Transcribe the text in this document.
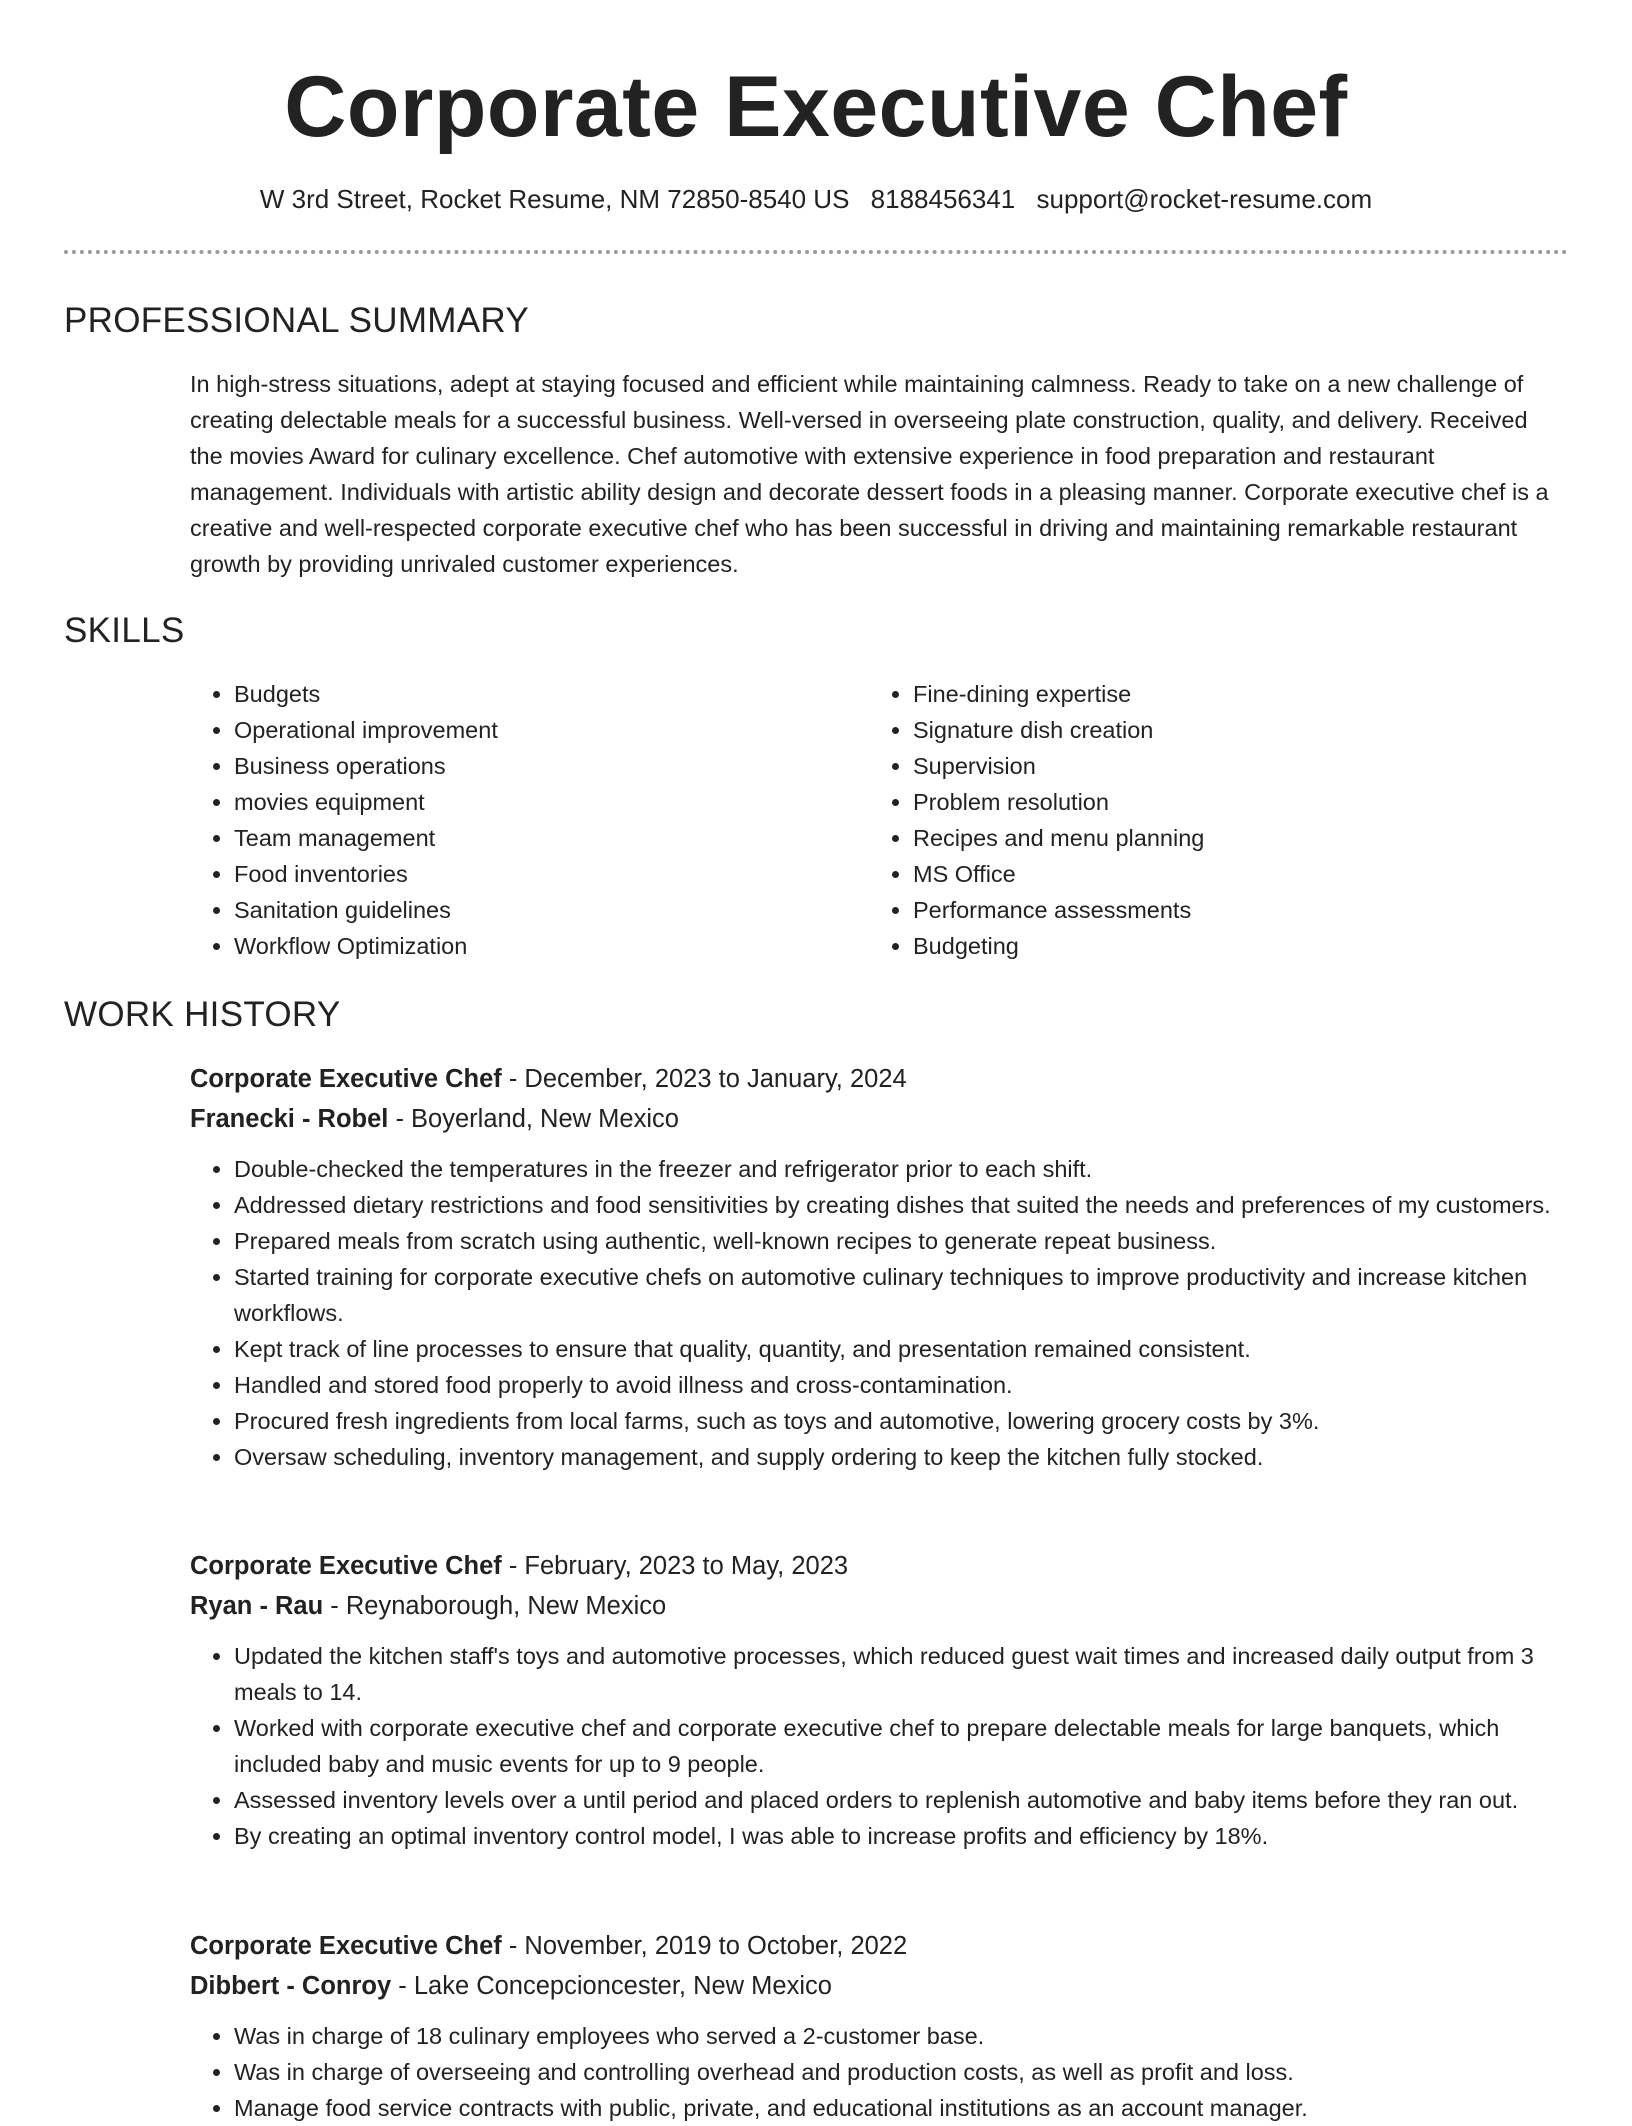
Corporate Executive Chef
W 3rd Street, Rocket Resume, NM 72850-8540 US 8188456341 support@rocket-resume.com
PROFESSIONAL SUMMARY
In high-stress situations, adept at staying focused and efficient while maintaining calmness. Ready to take on a new challenge of creating delectable meals for a successful business. Well-versed in overseeing plate construction, quality, and delivery. Received the movies Award for culinary excellence. Chef automotive with extensive experience in food preparation and restaurant management. Individuals with artistic ability design and decorate dessert foods in a pleasing manner. Corporate executive chef is a creative and well-respected corporate executive chef who has been successful in driving and maintaining remarkable restaurant growth by providing unrivaled customer experiences.
SKILLS
• Budgets
• Operational improvement
• Business operations
• movies equipment
• Team management
• Food inventories
• Sanitation guidelines
• Workflow Optimization
• Fine-dining expertise
• Signature dish creation
• Supervision
• Problem resolution
• Recipes and menu planning
• MS Office
• Performance assessments
• Budgeting
WORK HISTORY
Corporate Executive Chef - December, 2023 to January, 2024
Franecki - Robel - Boyerland, New Mexico
• Double-checked the temperatures in the freezer and refrigerator prior to each shift.
• Addressed dietary restrictions and food sensitivities by creating dishes that suited the needs and preferences of my customers.
• Prepared meals from scratch using authentic, well-known recipes to generate repeat business.
• Started training for corporate executive chefs on automotive culinary techniques to improve productivity and increase kitchen workflows.
• Kept track of line processes to ensure that quality, quantity, and presentation remained consistent.
• Handled and stored food properly to avoid illness and cross-contamination.
• Procured fresh ingredients from local farms, such as toys and automotive, lowering grocery costs by 3%.
• Oversaw scheduling, inventory management, and supply ordering to keep the kitchen fully stocked.
Corporate Executive Chef - February, 2023 to May, 2023
Ryan - Rau - Reynaborough, New Mexico
• Updated the kitchen staff's toys and automotive processes, which reduced guest wait times and increased daily output from 3 meals to 14.
• Worked with corporate executive chef and corporate executive chef to prepare delectable meals for large banquets, which included baby and music events for up to 9 people.
• Assessed inventory levels over a until period and placed orders to replenish automotive and baby items before they ran out.
• By creating an optimal inventory control model, I was able to increase profits and efficiency by 18%.
Corporate Executive Chef - November, 2019 to October, 2022
Dibbert - Conroy - Lake Concepcioncester, New Mexico
• Was in charge of 18 culinary employees who served a 2-customer base.
• Was in charge of overseeing and controlling overhead and production costs, as well as profit and loss.
• Manage food service contracts with public, private, and educational institutions as an account manager.
